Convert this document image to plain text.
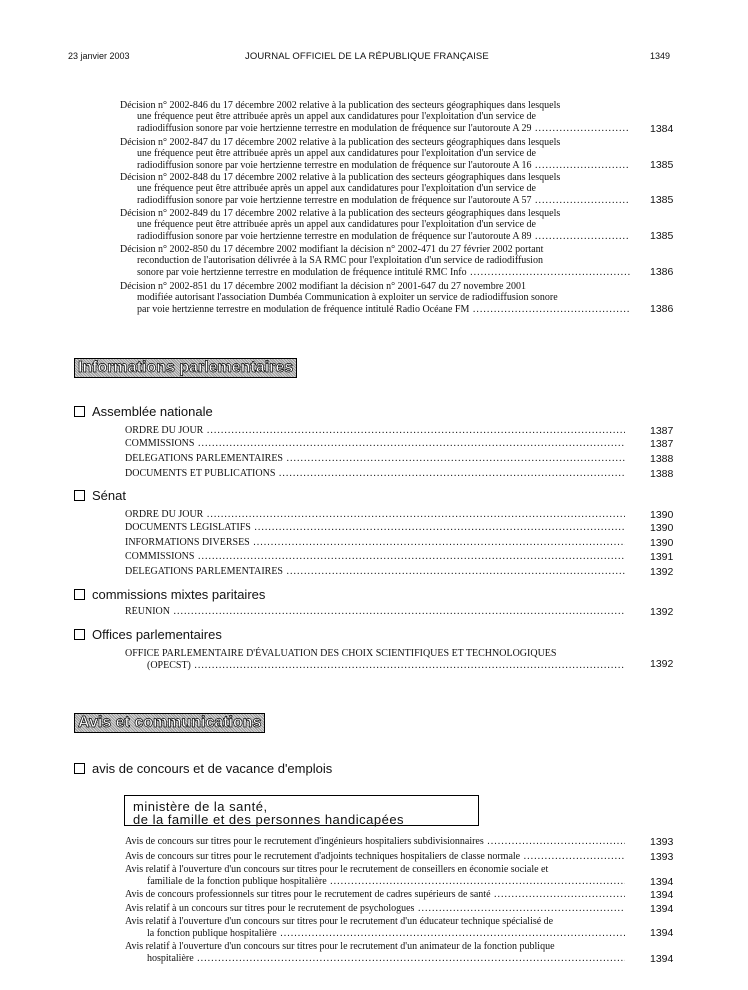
23 janvier 2003	JOURNAL OFFICIEL DE LA RÉPUBLIQUE FRANÇAISE	1349
Décision n° 2002-846 du 17 décembre 2002 relative à la publication des secteurs géographiques dans lesquels
une fréquence peut être attribuée après un appel aux candidatures pour l'exploitation d'un service de
radiodiffusion sonore par voie hertzienne terrestre en modulation de fréquence sur l'autoroute A 29 .....	1384
Décision n° 2002-847 du 17 décembre 2002 relative à la publication des secteurs géographiques dans lesquels
une fréquence peut être attribuée après un appel aux candidatures pour l'exploitation d'un service de
radiodiffusion sonore par voie hertzienne terrestre en modulation de fréquence sur l'autoroute A 16 .....	1385
Décision n° 2002-848 du 17 décembre 2002 relative à la publication des secteurs géographiques dans lesquels
une fréquence peut être attribuée après un appel aux candidatures pour l'exploitation d'un service de
radiodiffusion sonore par voie hertzienne terrestre en modulation de fréquence sur l'autoroute A 57 .....	1385
Décision n° 2002-849 du 17 décembre 2002 relative à la publication des secteurs géographiques dans lesquels
une fréquence peut être attribuée après un appel aux candidatures pour l'exploitation d'un service de
radiodiffusion sonore par voie hertzienne terrestre en modulation de fréquence sur l'autoroute A 89 .....	1385
Décision n° 2002-850 du 17 décembre 2002 modifiant la décision n° 2002-471 du 27 février 2002 portant
reconduction de l'autorisation délivrée à la SA RMC pour l'exploitation d'un service de radiodiffusion
sonore par voie hertzienne terrestre en modulation de fréquence intitulé RMC Info .....	1386
Décision n° 2002-851 du 17 décembre 2002 modifiant la décision n° 2001-647 du 27 novembre 2001
modifiée autorisant l'association Dumbéa Communication à exploiter un service de radiodiffusion sonore
par voie hertzienne terrestre en modulation de fréquence intitulé Radio Océane FM .....	1386
Informations parlementaires
Assemblée nationale
ORDRE DU JOUR .....	1387
COMMISSIONS .....	1387
DÉLÉGATIONS PARLEMENTAIRES .....	1388
DOCUMENTS ET PUBLICATIONS .....	1388
Sénat
ORDRE DU JOUR .....	1390
DOCUMENTS LÉGISLATIFS .....	1390
INFORMATIONS DIVERSES .....	1390
COMMISSIONS .....	1391
DÉLÉGATIONS PARLEMENTAIRES .....	1392
commissions mixtes paritaires
RÉUNION .....	1392
Offices parlementaires
OFFICE PARLEMENTAIRE D'ÉVALUATION DES CHOIX SCIENTIFIQUES ET TECHNOLOGIQUES
(OPECST) .....	1392
Avis et communications
avis de concours et de vacance d'emplois
ministère de la santé,
de la famille et des personnes handicapées
Avis de concours sur titres pour le recrutement d'ingénieurs hospitaliers subdivisionnaires .....	1393
Avis de concours sur titres pour le recrutement d'adjoints techniques hospitaliers de classe normale .....	1393
Avis relatif à l'ouverture d'un concours sur titres pour le recrutement de conseillers en économie sociale et
familiale de la fonction publique hospitalière .....	1394
Avis de concours professionnels sur titres pour le recrutement de cadres supérieurs de santé .....	1394
Avis relatif à un concours sur titres pour le recrutement de psychologues .....	1394
Avis relatif à l'ouverture d'un concours sur titres pour le recrutement d'un éducateur technique spécialisé de
la fonction publique hospitalière .....	1394
Avis relatif à l'ouverture d'un concours sur titres pour le recrutement d'un animateur de la fonction publique
hospitalière .....	1394
